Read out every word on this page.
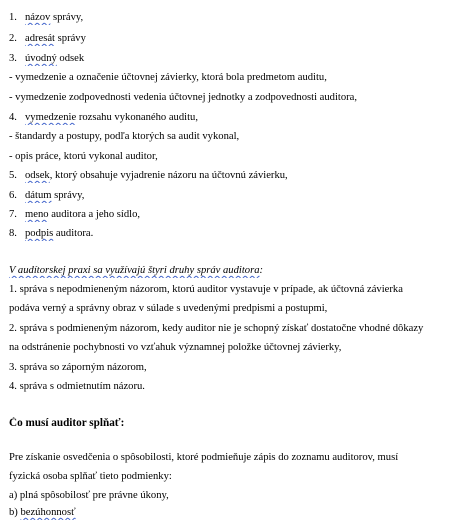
1. názov správy,
2. adresát správy
3. úvodný odsek
- vymedzenie a označenie účtovnej závierky, ktorá bola predmetom auditu,
- vymedzenie zodpovednosti vedenia účtovnej jednotky a zodpovednosti auditora,
4. vymedzenie rozsahu vykonaného auditu,
- štandardy a postupy, podľa ktorých sa audit vykonal,
- opis práce, ktorú vykonal auditor,
5. odsek, ktorý obsahuje vyjadrenie názoru na účtovnú závierku,
6. dátum správy,
7. meno auditora a jeho sídlo,
8. podpis auditora.
V audítorskej praxi sa využívajú štyri druhy správ auditora:
1. správa s nepodmieneným názorom, ktorú auditor vystavuje v prípade, ak účtovná závierka
podáva verný a správny obraz v súlade s uvedenými predpismi a postupmi,
2. správa s podmieneným názorom, kedy auditor nie je schopný získať dostatočne vhodné dôkazy
na odstránenie pochybnosti vo vzťahuk významnej položke účtovnej závierky,
3. správa so záporným názorom,
4. správa s odmietnutím názoru.
Čo musí auditor splňať:
Pre získanie osvedčenia o spôsobilosti, ktoré podmieňuje zápis do zoznamu auditorov, musí
fyzická osoba splňať tieto podmienky:
a) plná spôsobilosť pre právne úkony,
b) bezúhonnosť
